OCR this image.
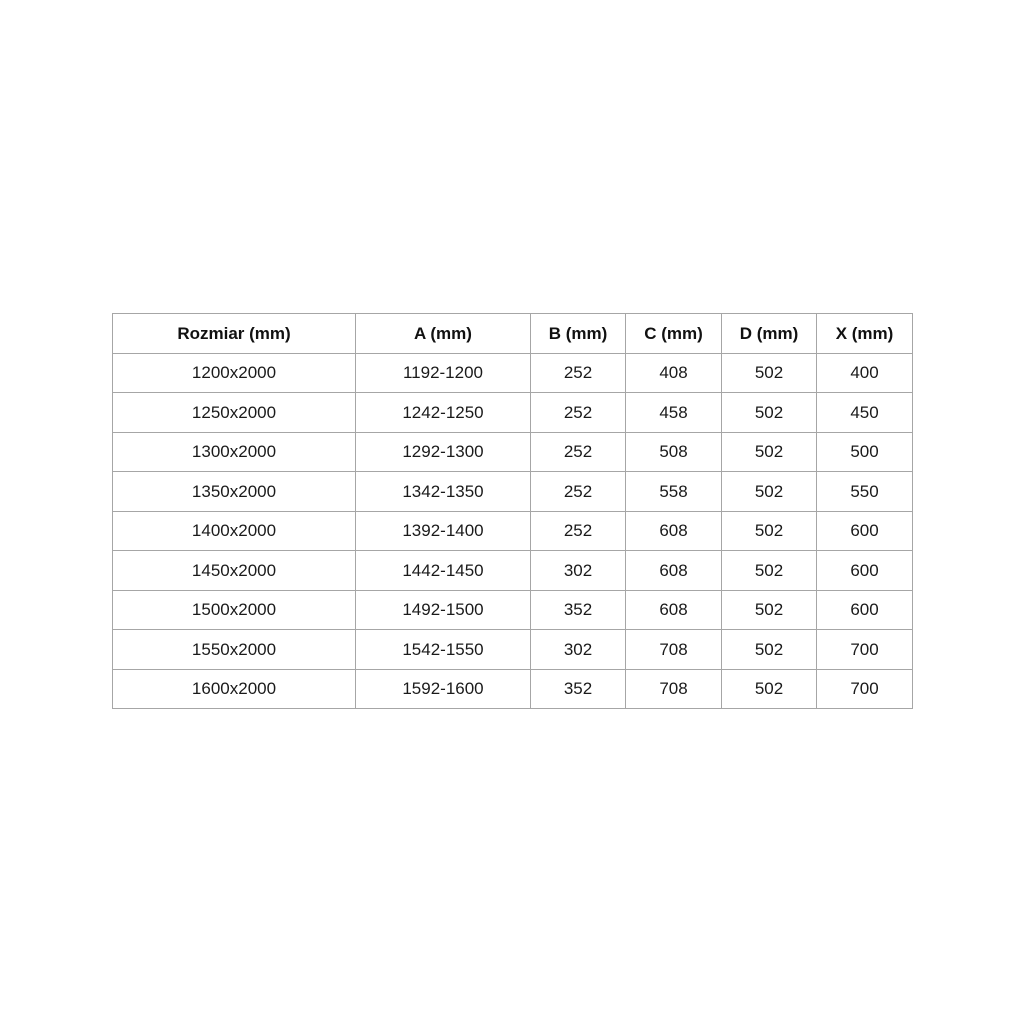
Rozmiar (mm)	A (mm)	B (mm)	C (mm)	D (mm)	X (mm)
1200x2000	1192-1200	252	408	502	400
1250x2000	1242-1250	252	458	502	450
1300x2000	1292-1300	252	508	502	500
1350x2000	1342-1350	252	558	502	550
1400x2000	1392-1400	252	608	502	600
1450x2000	1442-1450	302	608	502	600
1500x2000	1492-1500	352	608	502	600
1550x2000	1542-1550	302	708	502	700
1600x2000	1592-1600	352	708	502	700
